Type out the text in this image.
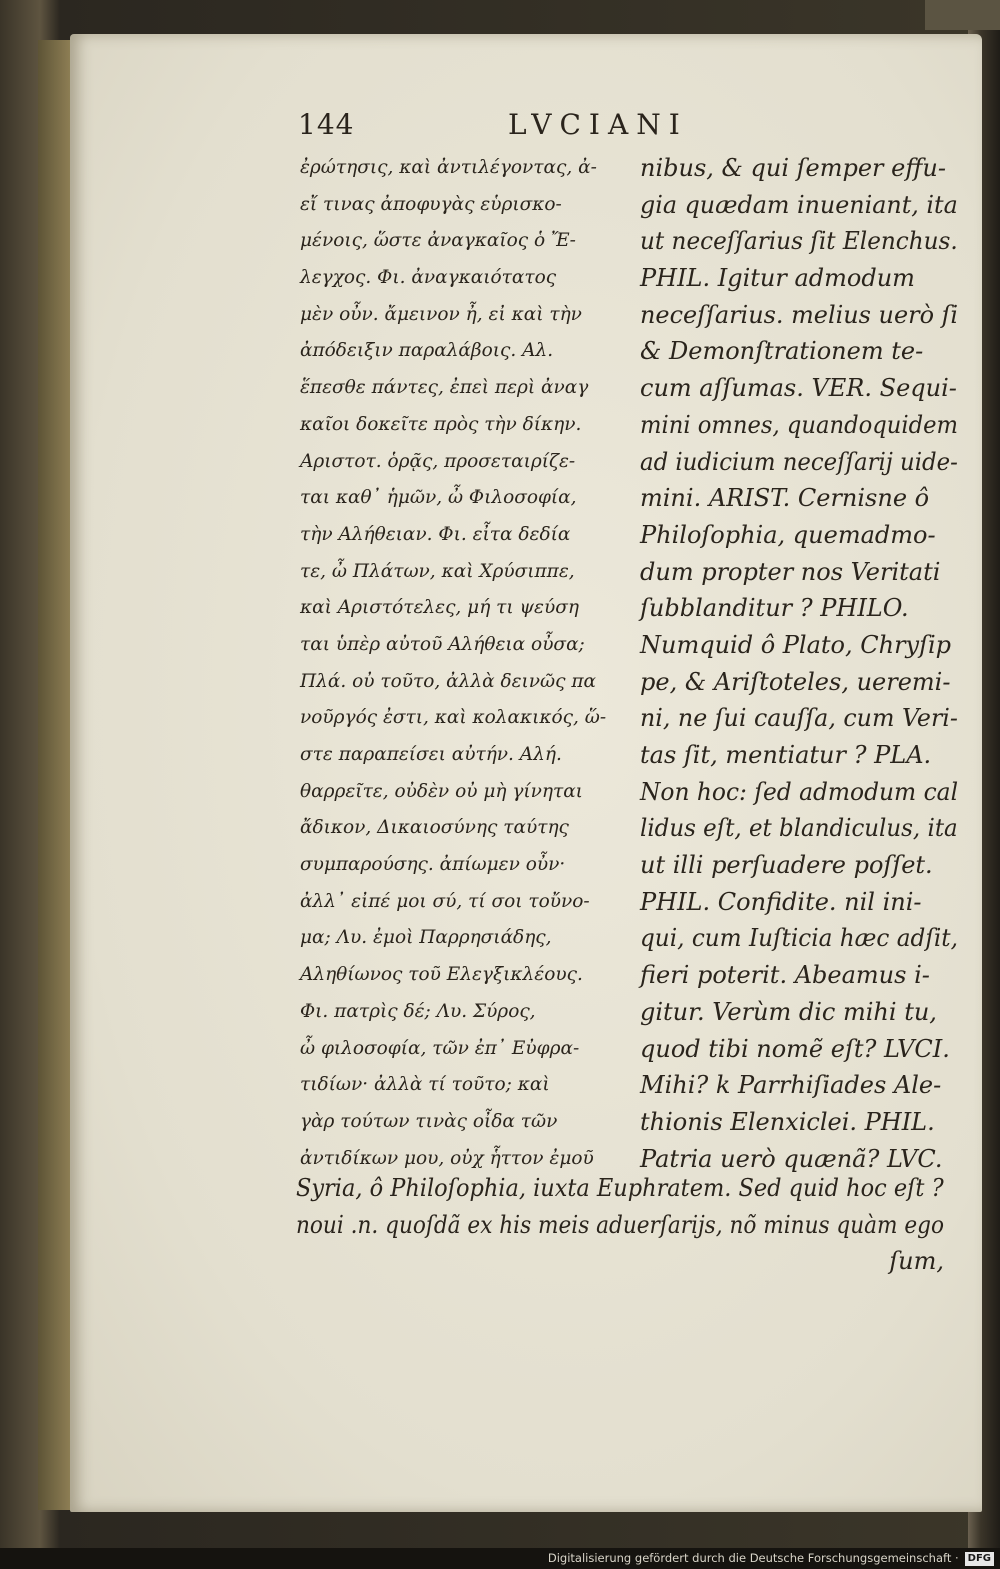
144	LVCIANI
ἐρώτησις, καὶ ἀντιλέγοντας, ἀ-
εἴ τινας ἀποφυγὰς εὑρισκο-
μένοις, ὥστε ἀναγκαῖος ὁ Ἔ-
λεγχος. Φι. ἀναγκαιότατος
μὲν οὖν. ἄμεινον ἦ, εἰ καὶ τὴν
ἀπόδειξιν παραλάβοις. Αλ.
ἕπεσθε πάντες, ἐπεὶ περὶ ἀναγ
καῖοι δοκεῖτε πρὸς τὴν δίκην.
Αριστοτ. ὁρᾷς, προσεταιρίζε-
ται καθ᾽ ἡμῶν, ὦ Φιλοσοφία,
τὴν Αλήθειαν. Φι. εἶτα δεδία
τε, ὦ Πλάτων, καὶ Χρύσιππε,
καὶ Αριστότελες, μή τι ψεύση
ται ὑπὲρ αὐτοῦ Αλήθεια οὖσα;
Πλά. οὐ τοῦτο, ἀλλὰ δεινῶς πα
νοῦργός ἐστι, καὶ κολακικός, ὥ-
στε παραπείσει αὐτήν. Αλή.
θαρρεῖτε, οὐδὲν οὐ μὴ γίνηται
ἄδικον, Δικαιοσύνης ταύτης
συμπαρούσης. ἀπίωμεν οὖν·
ἀλλ᾽ εἰπέ μοι σύ, τί σοι τοὔνο-
μα; Λυ. ἐμοὶ Παρρησιάδης,
Αληθίωνος τοῦ Ελεγξικλέους.
Φι. πατρὶς δέ; Λυ. Σύρος,
ὦ φιλοσοφία, τῶν ἐπ᾽ Εὐφρα-
τιδίων· ἀλλὰ τί τοῦτο; καὶ
γὰρ τούτων τινὰς οἶδα τῶν
ἀντιδίκων μου, οὐχ ἧττον ἐμοῦ
nibus, & qui ſemper effu-
gia quædam inueniant, ita
ut neceſſarius ſit Elenchus.
PHIL. Igitur admodum
neceſſarius. melius uerò ſi
& Demonſtrationem te-
cum aſſumas. VER. Sequi-
mini omnes, quandoquidem
ad iudicium neceſſarij uide-
mini. ARIST. Cernisne ô
Philoſophia, quemadmo-
dum propter nos Veritati
ſubblanditur ? PHILO.
Numquid ô Plato, Chryſip
pe, & Ariſtoteles, ueremi-
ni, ne ſui cauſſa, cum Veri-
tas ſit, mentiatur ? PLA.
Non hoc: ſed admodum cal
lidus eſt, et blandiculus, ita
ut illi perſuadere poſſet.
PHIL. Confidite. nil ini-
qui, cum Iuſticia hæc adſit,
fieri poterit. Abeamus i-
gitur. Verùm dic mihi tu,
quod tibi nomẽ eſt? LVCI.
Mihi? k Parrhiſiades Ale-
thionis Elenxiclei. PHIL.
Patria uerò quænã? LVC.
Syria, ô Philoſophia, iuxta Euphratem. Sed quid hoc eſt ?
noui .n. quoſdã ex his meis aduerſarijs, nõ minus quàm ego
ſum,
Digitalisierung gefördert durch die Deutsche Forschungsgemeinschaft · DFG
